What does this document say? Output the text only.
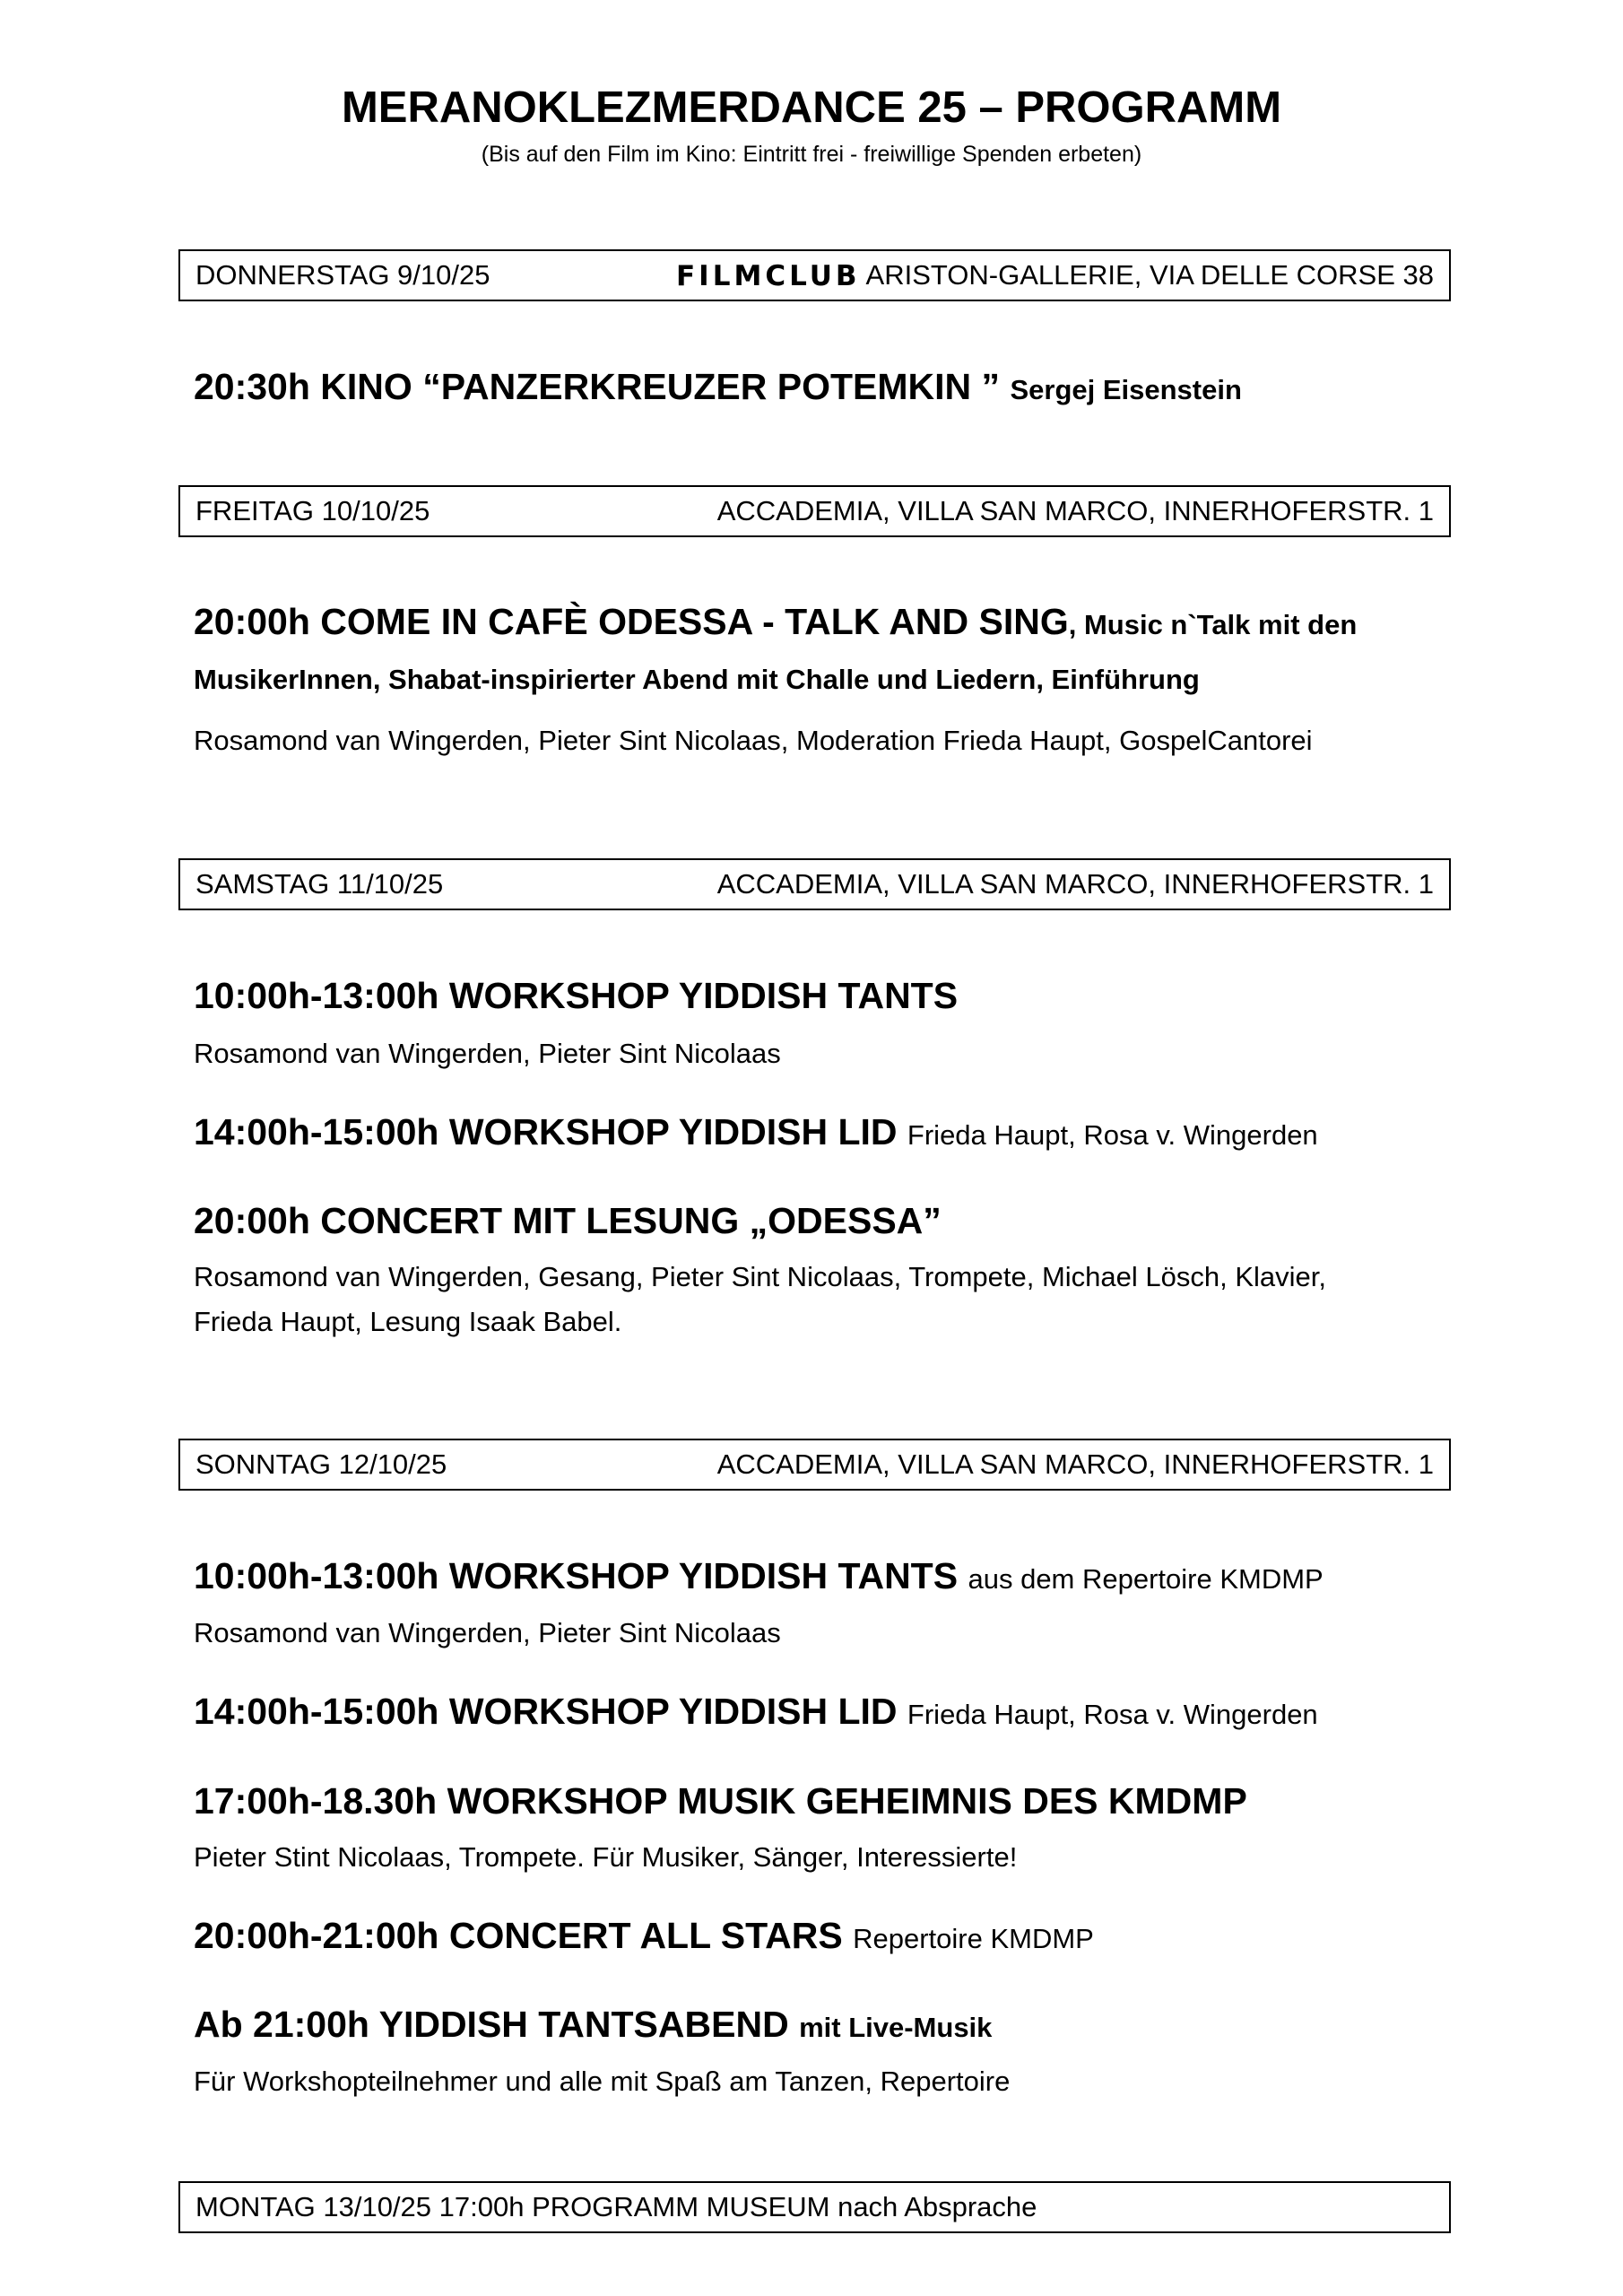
MERANOKLEZMERDANCE 25 – PROGRAMM
(Bis auf den Film im Kino: Eintritt frei - freiwillige Spenden erbeten)
DONNERSTAG 9/10/25	FILMCLUB ARISTON-GALLERIE, VIA DELLE CORSE 38
20:30h KINO “PANZERKREUZER POTEMKIN ” Sergej Eisenstein
FREITAG 10/10/25	ACCADEMIA, VILLA SAN MARCO, INNERHOFERSTR. 1
20:00h COME IN CAFÈ ODESSA - TALK AND SING, Music n`Talk mit den
MusikerInnen, Shabat-inspirierter Abend mit Challe und Liedern, Einführung
Rosamond van Wingerden, Pieter Sint Nicolaas, Moderation Frieda Haupt, GospelCantorei
SAMSTAG 11/10/25	ACCADEMIA, VILLA SAN MARCO, INNERHOFERSTR. 1
10:00h-13:00h WORKSHOP YIDDISH TANTS
Rosamond van Wingerden, Pieter Sint Nicolaas
14:00h-15:00h WORKSHOP YIDDISH LID Frieda Haupt, Rosa v. Wingerden
20:00h CONCERT MIT LESUNG „ODESSA”
Rosamond van Wingerden, Gesang, Pieter Sint Nicolaas, Trompete, Michael Lösch, Klavier,
Frieda Haupt, Lesung Isaak Babel.
SONNTAG 12/10/25	ACCADEMIA, VILLA SAN MARCO, INNERHOFERSTR. 1
10:00h-13:00h WORKSHOP YIDDISH TANTS aus dem Repertoire KMDMP
Rosamond van Wingerden, Pieter Sint Nicolaas
14:00h-15:00h WORKSHOP YIDDISH LID Frieda Haupt, Rosa v. Wingerden
17:00h-18.30h WORKSHOP MUSIK GEHEIMNIS DES KMDMP
Pieter Stint Nicolaas, Trompete. Für Musiker, Sänger, Interessierte!
20:00h-21:00h CONCERT ALL STARS Repertoire KMDMP
Ab 21:00h YIDDISH TANTSABEND mit Live-Musik
Für Workshopteilnehmer und alle mit Spaß am Tanzen, Repertoire
MONTAG 13/10/25 17:00h PROGRAMM MUSEUM nach Absprache
